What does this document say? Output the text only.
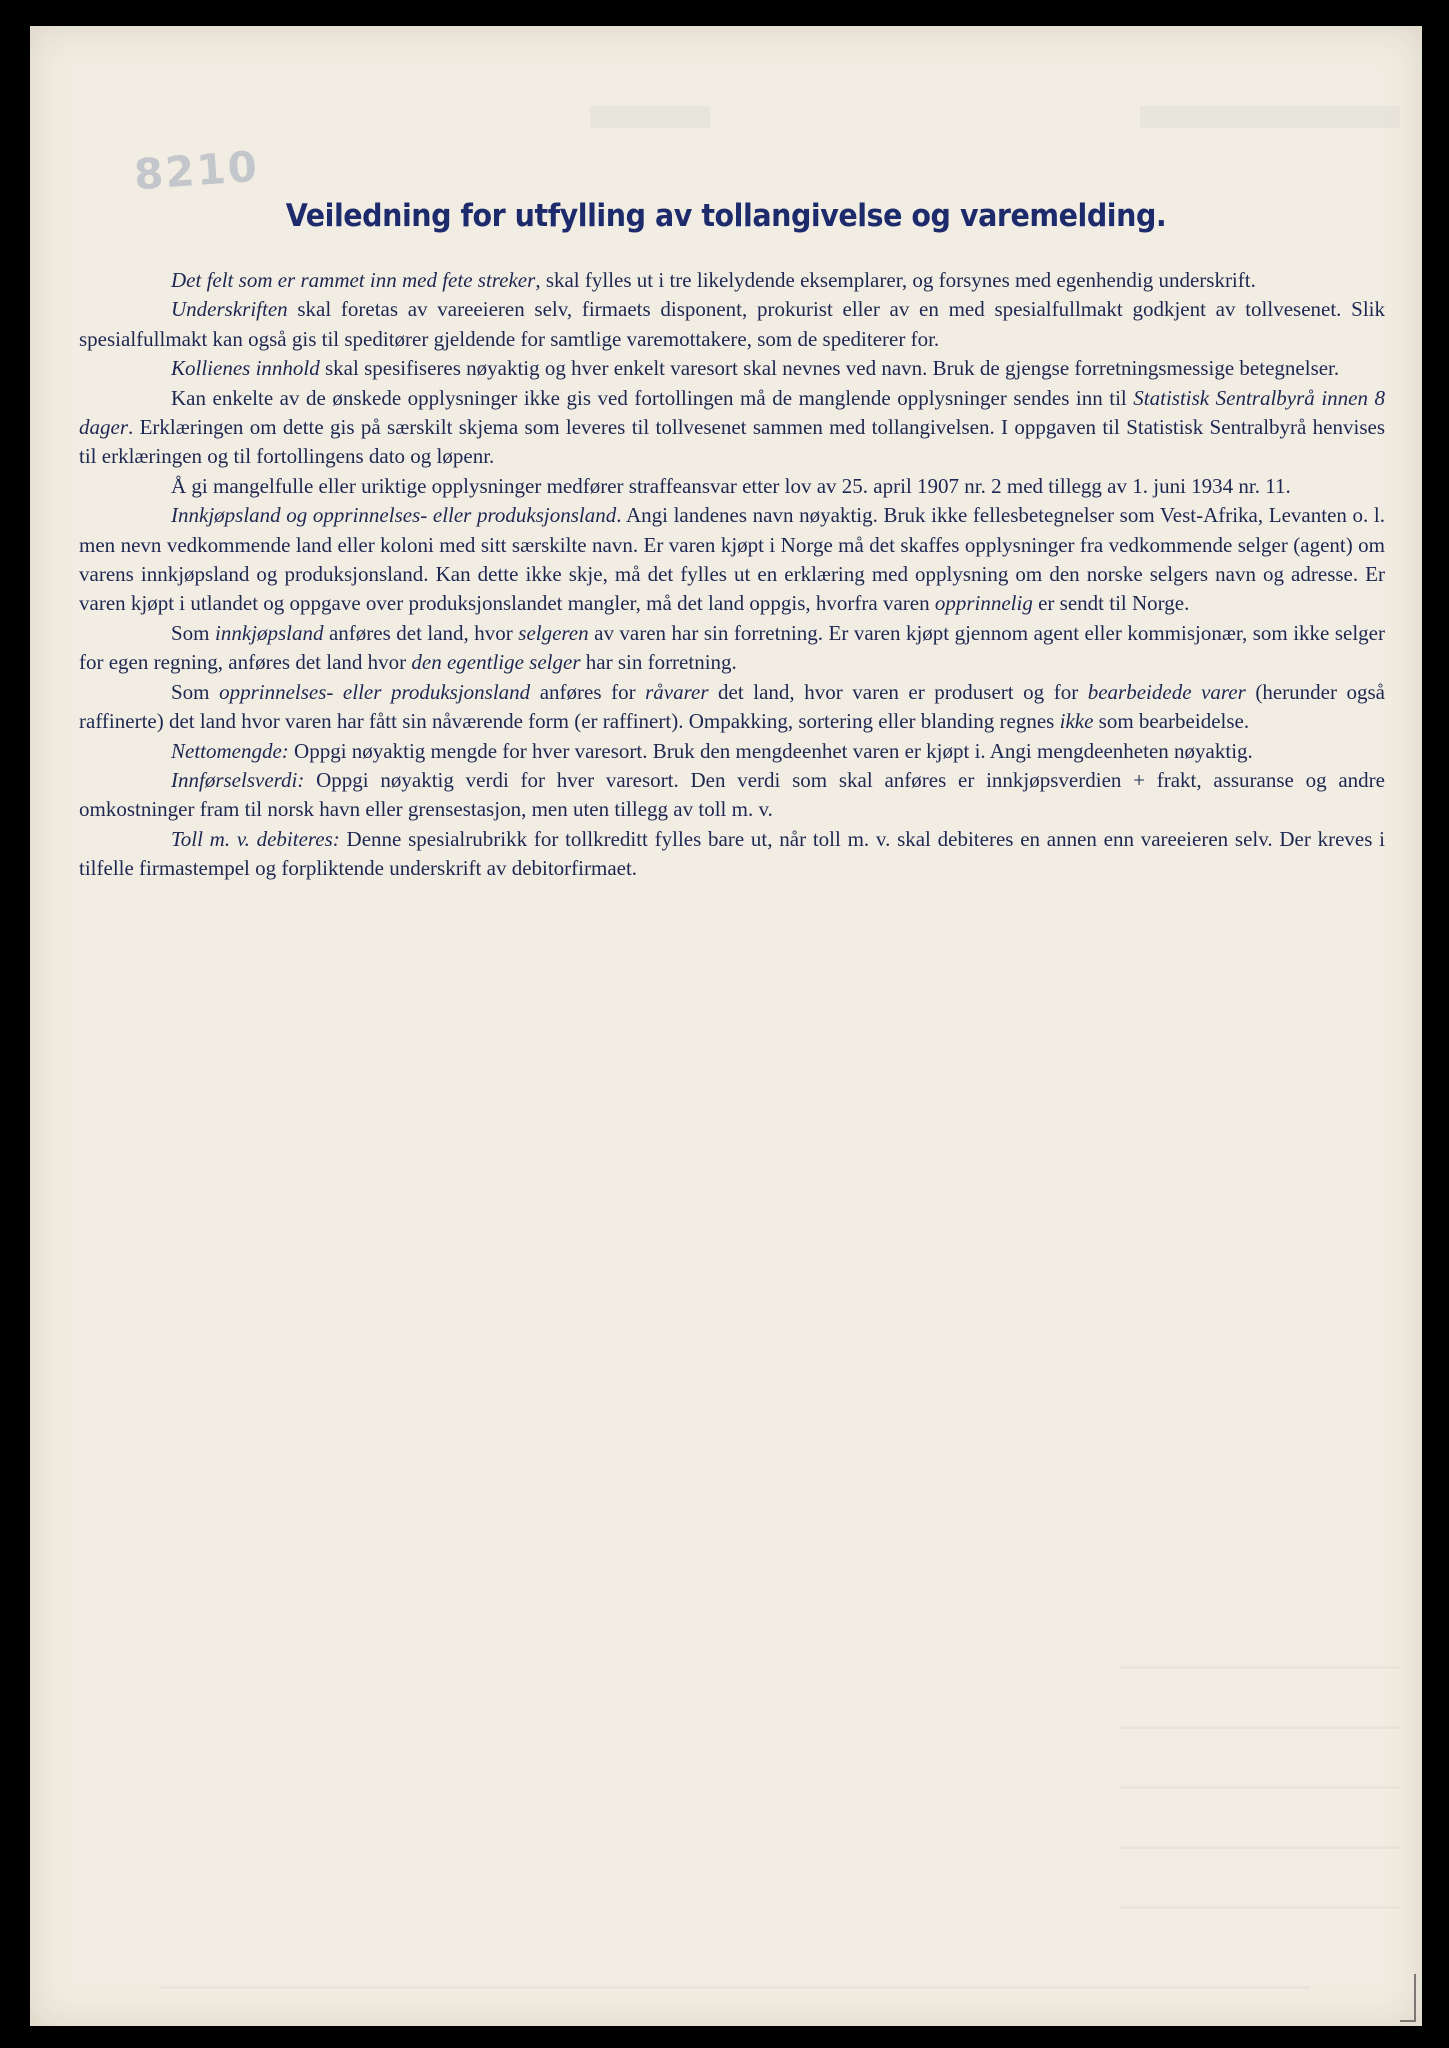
8210
Veiledning for utfylling av tollangivelse og varemelding.

Det felt som er rammet inn med fete streker, skal fylles ut i tre likelydende eksemplarer, og forsynes med egenhendig underskrift.

Underskriften skal foretas av vareeieren selv, firmaets disponent, prokurist eller av en med spesialfullmakt godkjent av tollvesenet. Slik spesialfullmakt kan også gis til speditører gjeldende for samtlige varemottakere, som de spediterer for.

Kollienes innhold skal spesifiseres nøyaktig og hver enkelt varesort skal nevnes ved navn. Bruk de gjengse forretningsmessige betegnelser.

Kan enkelte av de ønskede opplysninger ikke gis ved fortollingen må de manglende opplysninger sendes inn til Statistisk Sentralbyrå innen 8 dager. Erklæringen om dette gis på særskilt skjema som leveres til tollvesenet sammen med tollangivelsen. I oppgaven til Statistisk Sentralbyrå henvises til erklæringen og til fortollingens dato og løpenr.

Å gi mangelfulle eller uriktige opplysninger medfører straffeansvar etter lov av 25. april 1907 nr. 2 med tillegg av 1. juni 1934 nr. 11.

Innkjøpsland og opprinnelses- eller produksjonsland. Angi landenes navn nøyaktig. Bruk ikke fellesbetegnelser som Vest-Afrika, Levanten o. l. men nevn vedkommende land eller koloni med sitt særskilte navn. Er varen kjøpt i Norge må det skaffes opplysninger fra vedkommende selger (agent) om varens innkjøpsland og produksjonsland. Kan dette ikke skje, må det fylles ut en erklæring med opplysning om den norske selgers navn og adresse. Er varen kjøpt i utlandet og oppgave over produksjonslandet mangler, må det land oppgis, hvorfra varen opprinnelig er sendt til Norge.

Som innkjøpsland anføres det land, hvor selgeren av varen har sin forretning. Er varen kjøpt gjennom agent eller kommisjonær, som ikke selger for egen regning, anføres det land hvor den egentlige selger har sin forretning.

Som opprinnelses- eller produksjonsland anføres for råvarer det land, hvor varen er produsert og for bearbeidede varer (herunder også raffinerte) det land hvor varen har fått sin nåværende form (er raffinert). Ompakking, sortering eller blanding regnes ikke som bearbeidelse.

Nettomengde: Oppgi nøyaktig mengde for hver varesort. Bruk den mengdeenhet varen er kjøpt i. Angi mengdeenheten nøyaktig.

Innførselsverdi: Oppgi nøyaktig verdi for hver varesort. Den verdi som skal anføres er innkjøpsverdien + frakt, assuranse og andre omkostninger fram til norsk havn eller grensestasjon, men uten tillegg av toll m. v.

Toll m. v. debiteres: Denne spesialrubrikk for tollkreditt fylles bare ut, når toll m. v. skal debiteres en annen enn vareeieren selv. Der kreves i tilfelle firmastempel og forpliktende underskrift av debitorfirmaet.
